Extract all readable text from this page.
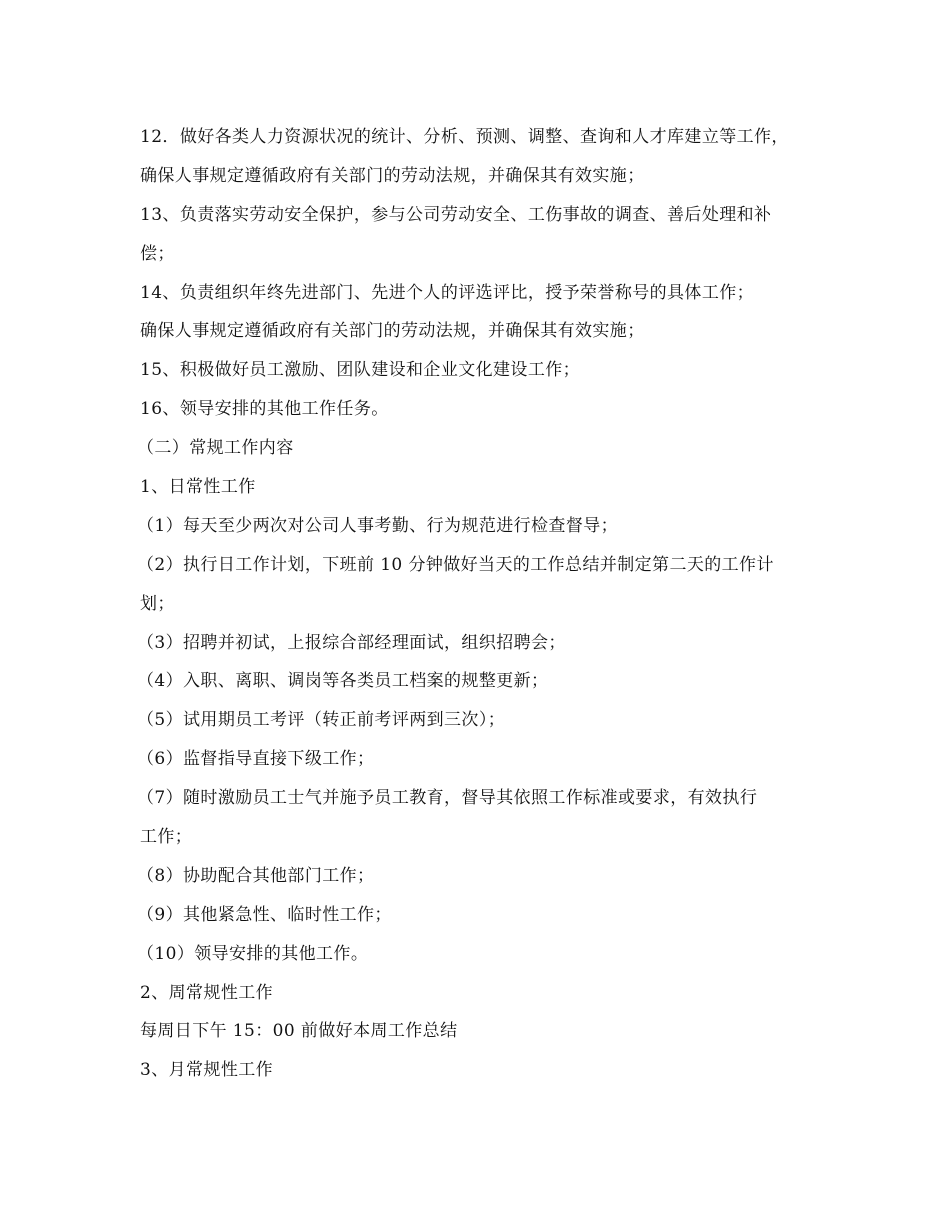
12．做好各类人力资源状况的统计、分析、预测、调整、查询和人才库建立等工作，
确保人事规定遵循政府有关部门的劳动法规，并确保其有效实施；
13、负责落实劳动安全保护，参与公司劳动安全、工伤事故的调查、善后处理和补
偿；
14、负责组织年终先进部门、先进个人的评选评比，授予荣誉称号的具体工作；
确保人事规定遵循政府有关部门的劳动法规，并确保其有效实施；
15、积极做好员工激励、团队建设和企业文化建设工作；
16、领导安排的其他工作任务。
（二）常规工作内容
1、日常性工作
（1）每天至少两次对公司人事考勤、行为规范进行检查督导；
（2）执行日工作计划，下班前 10 分钟做好当天的工作总结并制定第二天的工作计
划；
（3）招聘并初试，上报综合部经理面试，组织招聘会；
（4）入职、离职、调岗等各类员工档案的规整更新；
（5）试用期员工考评（转正前考评两到三次）；
（6）监督指导直接下级工作；
（7）随时激励员工士气并施予员工教育，督导其依照工作标准或要求，有效执行
工作；
（8）协助配合其他部门工作；
（9）其他紧急性、临时性工作；
（10）领导安排的其他工作。
2、周常规性工作
每周日下午 15：00 前做好本周工作总结
3、月常规性工作
